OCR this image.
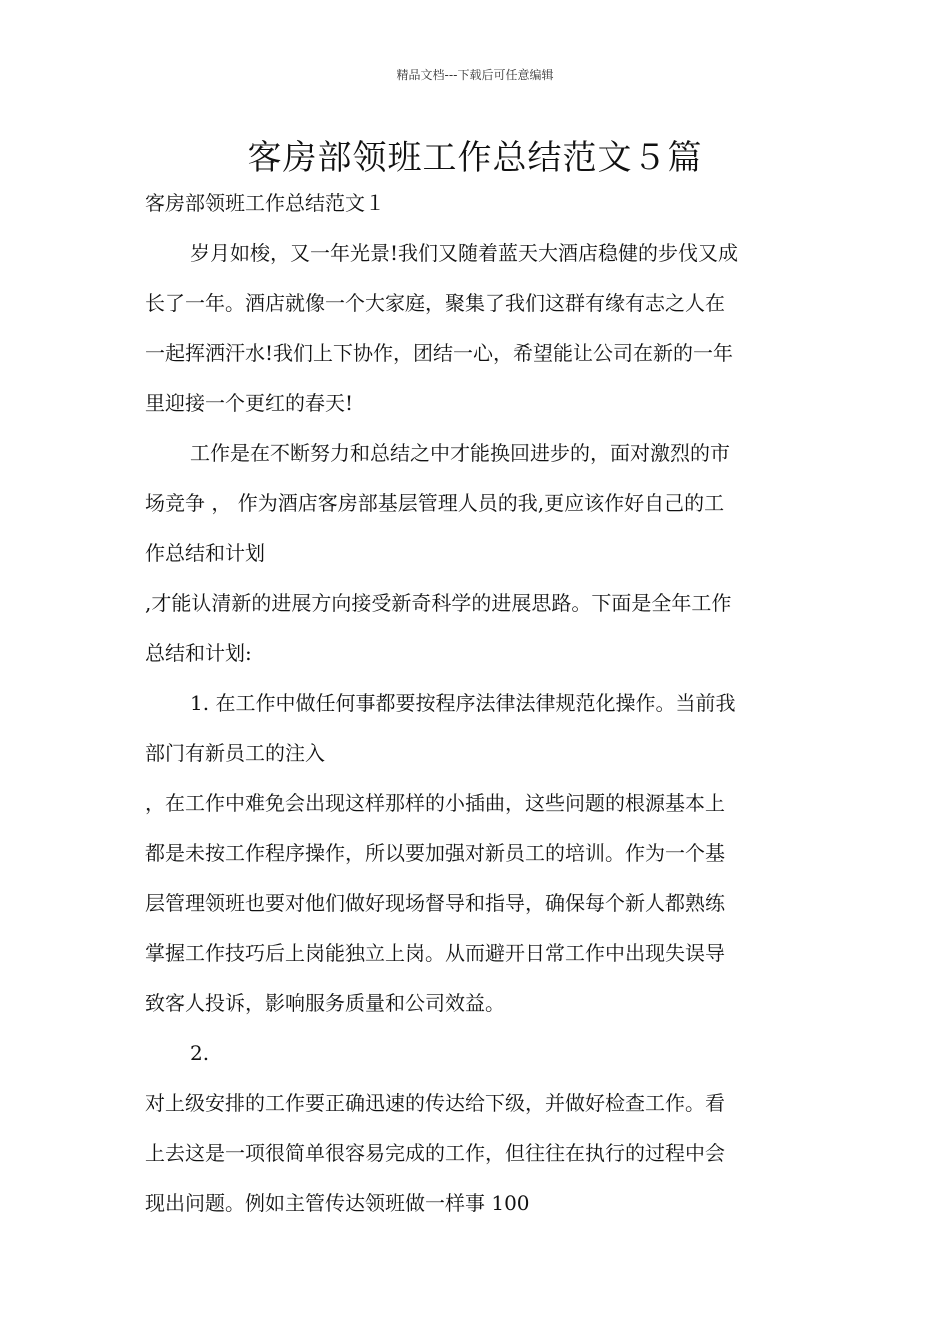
精品文档---下载后可任意编辑
客房部领班工作总结范文５篇
客房部领班工作总结范文１
岁月如梭，又一年光景!我们又随着蓝天大酒店稳健的步伐又成
长了一年。酒店就像一个大家庭，聚集了我们这群有缘有志之人在
一起挥洒汗水!我们上下协作，团结一心，希望能让公司在新的一年
里迎接一个更红的春天!
工作是在不断努力和总结之中才能换回进步的，面对激烈的市
场竞争 ， 作为酒店客房部基层管理人员的我,更应该作好自己的工
作总结和计划
,才能认清新的进展方向接受新奇科学的进展思路。下面是全年工作
总结和计划:
1. 在工作中做任何事都要按程序法律法律规范化操作。当前我
部门有新员工的注入
，在工作中难免会出现这样那样的小插曲，这些问题的根源基本上
都是未按工作程序操作，所以要加强对新员工的培训。作为一个基
层管理领班也要对他们做好现场督导和指导，确保每个新人都熟练
掌握工作技巧后上岗能独立上岗。从而避开日常工作中出现失误导
致客人投诉，影响服务质量和公司效益。
2.
对上级安排的工作要正确迅速的传达给下级，并做好检查工作。看
上去这是一项很简单很容易完成的工作，但往往在执行的过程中会
现出问题。例如主管传达领班做一样事 100
